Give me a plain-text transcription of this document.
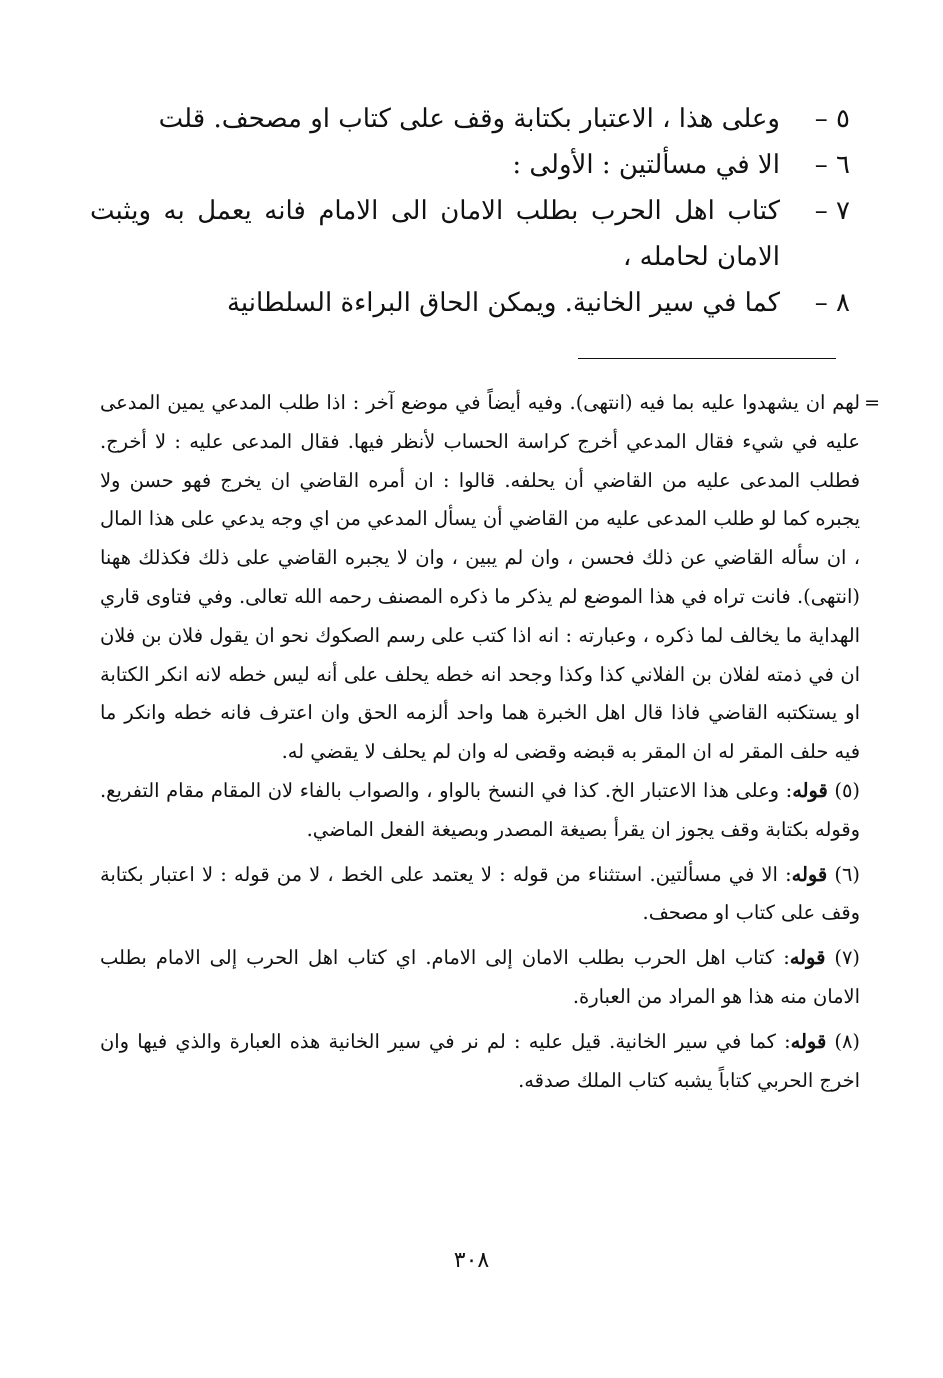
٥ –
وعلى هذا ، الاعتبار بكتابة وقف على كتاب او مصحف. قلت
٦ –
الا في مسألتين : الأولى :
٧ –
كتاب اهل الحرب بطلب الامان الى الامام فانه يعمل به ويثبت الامان لحامله ،
٨ –
كما في سير الخانية. ويمكن الحاق البراءة السلطانية
=

لهم ان يشهدوا عليه بما فيه (انتهى). وفيه أيضاً في موضع آخر : اذا طلب المدعي يمين المدعى عليه في شيء فقال المدعي أخرج كراسة الحساب لأنظر فيها. فقال المدعى عليه : لا أخرج. فطلب المدعى عليه من القاضي أن يحلفه. قالوا : ان أمره القاضي ان يخرج فهو حسن ولا يجبره كما لو طلب المدعى عليه من القاضي أن يسأل المدعي من اي وجه يدعي على هذا المال ، ان سأله القاضي عن ذلك فحسن ، وان لم يبين ، وان لا يجبره القاضي على ذلك فكذلك ههنا (انتهى). فانت تراه في هذا الموضع لم يذكر ما ذكره المصنف رحمه الله تعالى. وفي فتاوى قاري الهداية ما يخالف لما ذكره ، وعبارته : انه اذا كتب على رسم الصكوك نحو ان يقول فلان بن فلان ان في ذمته لفلان بن الفلاني كذا وكذا وجحد انه خطه يحلف على أنه ليس خطه لانه انكر الكتابة او يستكتبه القاضي فاذا قال اهل الخبرة هما واحد ألزمه الحق وان اعترف فانه خطه وانكر ما فيه حلف المقر له ان المقر به قبضه وقضى له وان لم يحلف لا يقضي له.

(٥) قوله: وعلى هذا الاعتبار الخ. كذا في النسخ بالواو ، والصواب بالفاء لان المقام مقام التفريع. وقوله بكتابة وقف يجوز ان يقرأ بصيغة المصدر وبصيغة الفعل الماضي.

(٦) قوله: الا في مسألتين. استثناء من قوله : لا يعتمد على الخط ، لا من قوله : لا اعتبار بكتابة وقف على كتاب او مصحف.

(٧) قوله: كتاب اهل الحرب بطلب الامان إلى الامام. اي كتاب اهل الحرب إلى الامام بطلب الامان منه هذا هو المراد من العبارة.

(٨) قوله: كما في سير الخانية. قيل عليه : لم نر في سير الخانية هذه العبارة والذي فيها وان اخرج الحربي كتاباً يشبه كتاب الملك صدقه.

٣٠٨
